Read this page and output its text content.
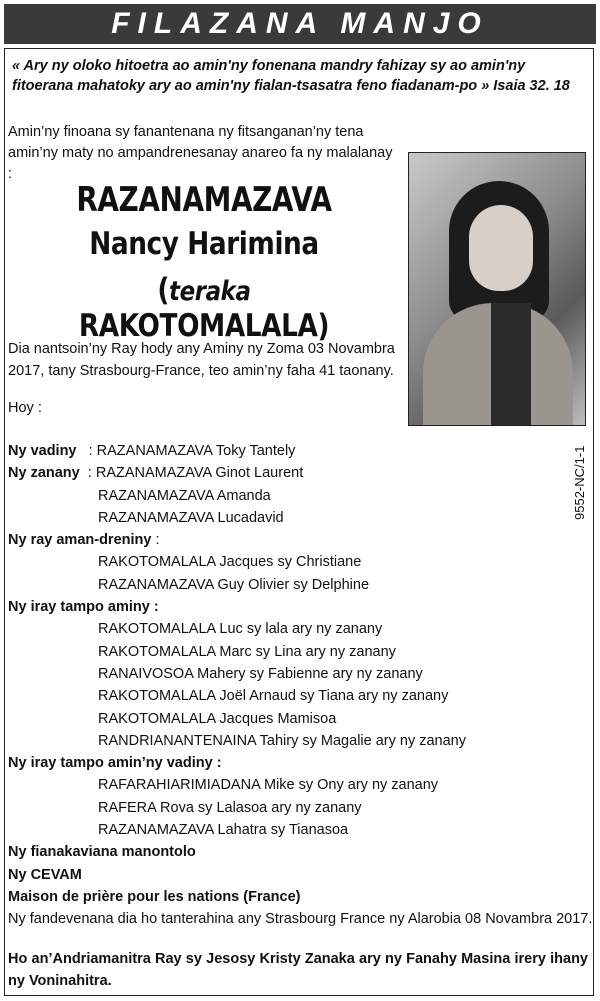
FILAZANA MANJO
« Ary ny oloko hitoetra ao amin'ny fonenana mandry fahizay sy ao amin'ny fitoerana mahatoky ary ao amin'ny fialan-tsasatra feno fiadanam-po » Isaia 32. 18
Amin’ny finoana sy fanantenana ny fitsanganan’ny tena amin’ny maty no ampandrenesanay anareo fa ny malalanay :
RAZANAMAZAVA
Nancy Harimina
(teraka RAKOTOMALALA)
Dia nantsoin’ny Ray hody any Aminy ny Zoma 03 Novambra 2017, tany Strasbourg-France, teo amin’ny faha 41 taonany.
Hoy :
Ny vadiny : RAZANAMAZAVA Toky Tantely
Ny zanany : RAZANAMAZAVA Ginot Laurent
RAZANAMAZAVA Amanda
RAZANAMAZAVA Lucadavid
Ny ray aman-dreniny :
RAKOTOMALALA Jacques sy Christiane
RAZANAMAZAVA Guy Olivier sy Delphine
Ny iray tampo aminy :
RAKOTOMALALA Luc sy lala ary ny zanany
RAKOTOMALALA Marc sy Lina ary ny zanany
RANAIVOSOA Mahery sy Fabienne ary ny zanany
RAKOTOMALALA Joël Arnaud sy Tiana ary ny zanany
RAKOTOMALALA Jacques Mamisoa
RANDRIANANTENAINA Tahiry sy Magalie ary ny zanany
Ny iray tampo amin’ny vadiny :
RAFARAHIARIMIADANA Mike sy Ony ary ny zanany
RAFERA Rova sy Lalasoa ary ny zanany
RAZANAMAZAVA Lahatra sy Tianasoa
Ny fianakaviana manontolo
Ny CEVAM
Maison de prière pour les nations (France)
Ny fandevenana dia ho tanterahina any Strasbourg France ny Alarobia 08 Novambra 2017.
Ho an’Andriamanitra Ray sy Jesosy Kristy Zanaka ary ny Fanahy Masina irery ihany ny Voninahitra.
9552-NC/1-1
